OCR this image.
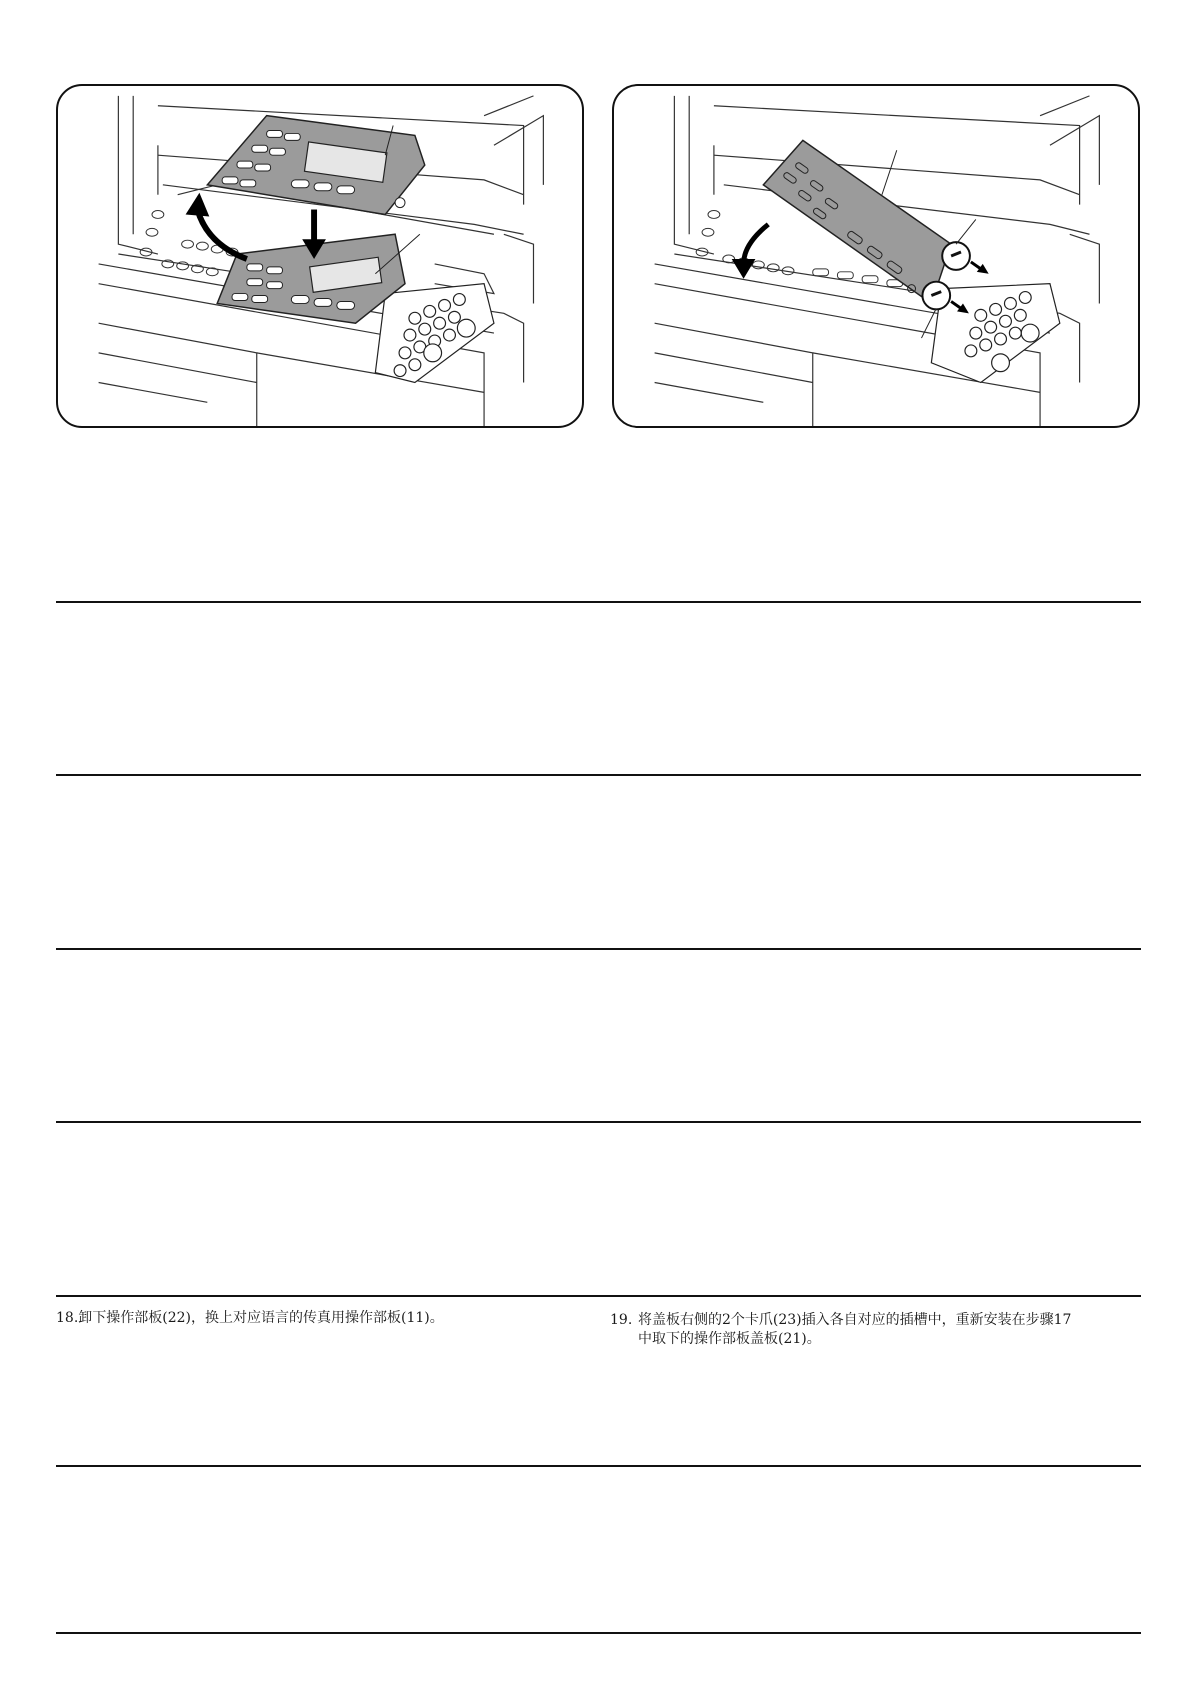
18.卸下操作部板(22)，换上对应语言的传真用操作部板(11)。	19. 将盖板右侧的2个卡爪(23)插入各自对应的插槽中，重新安装在步骤17
中取下的操作部板盖板(21)。
